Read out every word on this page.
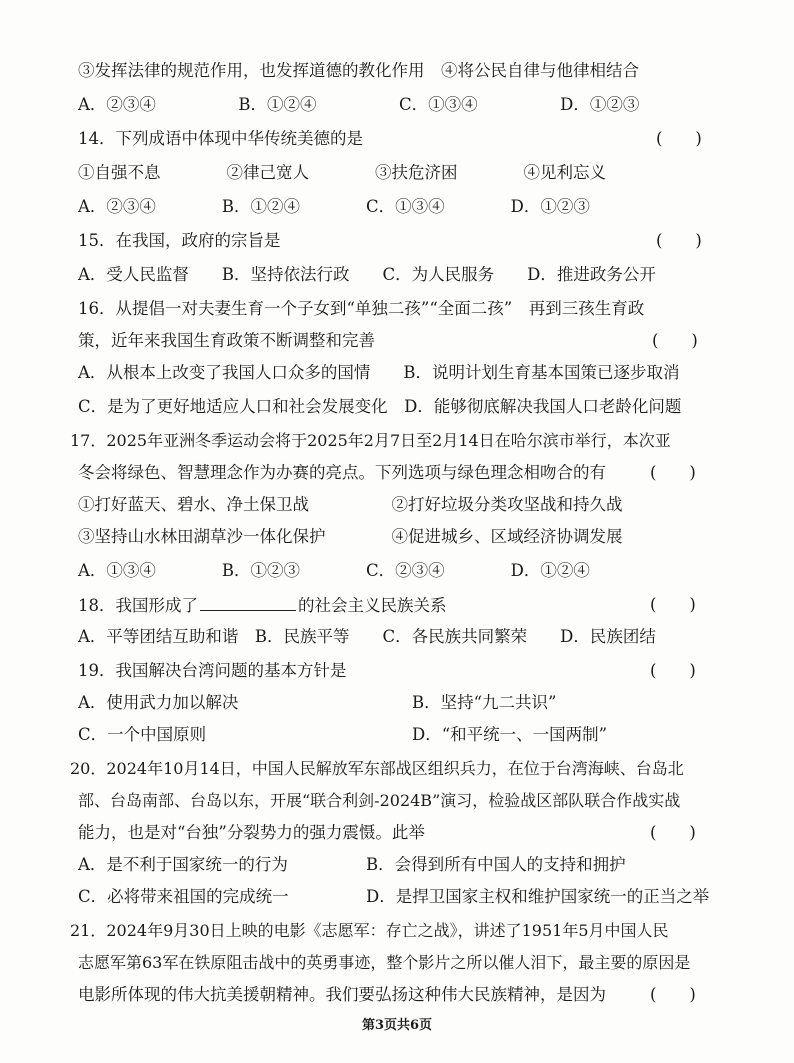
③发挥法律的规范作用，也发挥道德的教化作用　④将公民自律与他律相结合
A．②③④　　　　　B．①②④　　　　　C．①③④　　　　　D．①②③
14．下列成语中体现中华传统美德的是	(　　)
①自强不息　　　　②律己宽人　　　　③扶危济困　　　　④见利忘义
A．②③④　　　　B．①②④　　　　C．①③④　　　　D．①②③
15．在我国，政府的宗旨是	(　　)
A．受人民监督　　B．坚持依法行政　　C．为人民服务　　D．推进政务公开
16．从提倡一对夫妻生育一个子女到“单独二孩”“全面二孩”　再到三孩生育政
策，近年来我国生育政策不断调整和完善	(　　)
A．从根本上改变了我国人口众多的国情　　B．说明计划生育基本国策已逐步取消
C．是为了更好地适应人口和社会发展变化　D．能够彻底解决我国人口老龄化问题
17．2025年亚洲冬季运动会将于2025年2月7日至2月14日在哈尔滨市举行，本次亚
冬会将绿色、智慧理念作为办赛的亮点。下列选项与绿色理念相吻合的有	(　　)
①打好蓝天、碧水、净土保卫战　　　　　②打好垃圾分类攻坚战和持久战
③坚持山水林田湖草沙一体化保护　　　　④促进城乡、区域经济协调发展
A．①③④　　　　B．①②③　　　　C．②③④　　　　D．①②④
18．我国形成了	的社会主义民族关系	(　　)
A．平等团结互助和谐　B．民族平等　　C．各民族共同繁荣　　D．民族团结
19．我国解决台湾问题的基本方针是	(　　)
A．使用武力加以解决	B．坚持“九二共识”
C．一个中国原则	D．“和平统一、一国两制”
20．2024年10月14日，中国人民解放军东部战区组织兵力，在位于台湾海峡、台岛北
部、台岛南部、台岛以东，开展“联合利剑-2024B”演习，检验战区部队联合作战实战
能力，也是对“台独”分裂势力的强力震慑。此举	(　　)
A．是不利于国家统一的行为	B．会得到所有中国人的支持和拥护
C．必将带来祖国的完成统一	D．是捍卫国家主权和维护国家统一的正当之举
21．2024年9月30日上映的电影《志愿军：存亡之战》，讲述了1951年5月中国人民
志愿军第63军在铁原阻击战中的英勇事迹，整个影片之所以催人泪下，最主要的原因是
电影所体现的伟大抗美援朝精神。我们要弘扬这种伟大民族精神，是因为	(　　)
第3页共6页
